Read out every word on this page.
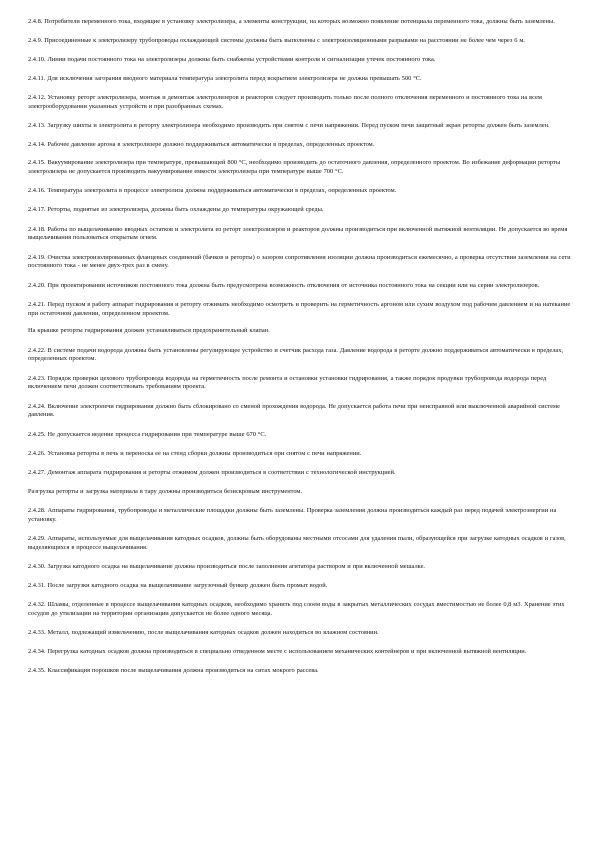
2.4.8. Потребители переменного тока, входящие в установку электролизера, а элементы конструкции, на которых возможно появление потенциала переменного тока, должны быть заземлены.

2.4.9. Присоединенные к электролизеру трубопроводы охлаждающей системы должны быть выполнены с электроизоляционными разрывами на расстоянии не более чем через 6 м.

2.4.10. Линии подачи постоянного тока на электролизеры должны быть снабжены устройствами контроля и сигнализации утечек постоянного тока.

2.4.11. Для исключения загорания вводного материала температура электролита перед вскрытием электролизера не должна превышать 500 °C.

2.4.12. Установку реторт электролизера, монтаж и демонтаж электролизеров и реакторов следует производить только после полного отключения переменного и постоянного тока на всем электрооборудовании указанных устройств и при разобранных схемах.

2.4.13. Загрузку шихты и электролита в реторту электролизера необходимо производить при снятом с печи напряжении. Перед пуском печи защитный экран реторты должен быть заземлен.

2.4.14. Рабочее давление аргона в электролизере должно поддерживаться автоматически в пределах, определенных проектом.

2.4.15. Вакуумирование электролизера при температуре, превышающей 800 °C, необходимо производить до остаточного давления, определенного проектом. Во избежание деформации реторты электролизера не допускается производить вакуумирование емкости электролизера при температуре выше 700 °C.

2.4.16. Температура электролита в процессе электролиза должна поддерживаться автоматически в пределах, определенных проектом.

2.4.17. Реторты, поднятые из электролизера, должны быть охлаждены до температуры окружающей среды.

2.4.18. Работы по выщелачиванию вводных остатков и электролита из реторт электролизеров и реакторов должны производиться при включенной вытяжной вентиляции. Не допускается во время выщелачивания пользоваться открытым огнем.

2.4.19. Очистка электроизолированных фланцевых соединений (бачков и реторты) о зазором сопротивления изоляции должна производиться ежемесячно, а проверка отсутствия заземления на сети постоянного тока - не менее двух-трех раз в смену.

2.4.20. При проектировании источников постоянного тока должна быть предусмотрена возможность отключения от источника постоянного тока на секции или на серии электролизеров.

2.4.21. Перед пуском в работу аппарат гидрирования и реторту отжимать необходимо осмотреть и проверить на герметичность аргоном или сухим воздухом под рабочим давлением и на натекание при остаточном давлении, определенном проектом.

На крышке реторты гидрирования должен устанавливаться предохранительный клапан.

2.4.22. В системе подачи водорода должны быть установлены регулирующее устройство и счетчик расхода газа. Давление водорода в реторте должно поддерживаться автоматически в пределах, определенных проектом.

2.4.23. Порядок проверки цехового трубопровода водорода на герметичность после ремонта и остановки установки гидрирования, а также порядок продувки трубопровода водорода перед включением печи должен соответствовать требованиям проекта.

2.4.24. Включение электропечи гидрирования должно быть сблокировано со сменой прохождения водорода. Не допускается работа печи при неисправной или выключенной аварийной системе давления.

2.4.25. Не допускается ведение процесса гидрирования при температуре выше 670 °C.

2.4.26. Установка реторты в печь и переноска ее на стенд сборки должны производиться при снятом с печи напряжении.

2.4.27. Демонтаж аппарата гидрирования и реторты отжимом должен производиться в соответствии с технологической инструкцией.

Разгрузка реторты и загрузка материала в тару должны производиться безискровым инструментом.

2.4.28. Аппараты гидрирования, трубопроводы и металлические площадки должны быть заземлены. Проверка заземления должна производиться каждый раз перед подачей электроэнергии на установку.

2.4.29. Аппараты, используемые для выщелачивания катодных осадков, должны быть оборудованы местными отсосами для удаления пыли, образующейся при загрузке катодных осадков и газов, выделяющихся в процессе выщелачивания.

2.4.30. Загрузка катодного осадка на выщелачивание должна производиться после заполнения агитатора раствором и при включенной мешалке.

2.4.31. После загрузки катодного осадка на выщелачивание загрузочный бункер должен быть промыт водой.

2.4.32. Шламы, отделенные в процессе выщелачивания катодных осадков, необходимо хранить под слоем воды в закрытых металлических сосудах вместимостью не более 0,8 м3. Хранение этих сосудов до утилизации на территории организации допускается не более одного месяца.

2.4.33. Металл, подлежащий измельчению, после выщелачивания катодных осадков должен находиться во влажном состоянии.

2.4.34. Перегрузка катодных осадков должна производиться в специально отведенном месте с использованием механических контейнеров и при включенной вытяжной вентиляции.

2.4.35. Классификация порошков после выщелачивания должна производиться на ситах мокрого рассева.
